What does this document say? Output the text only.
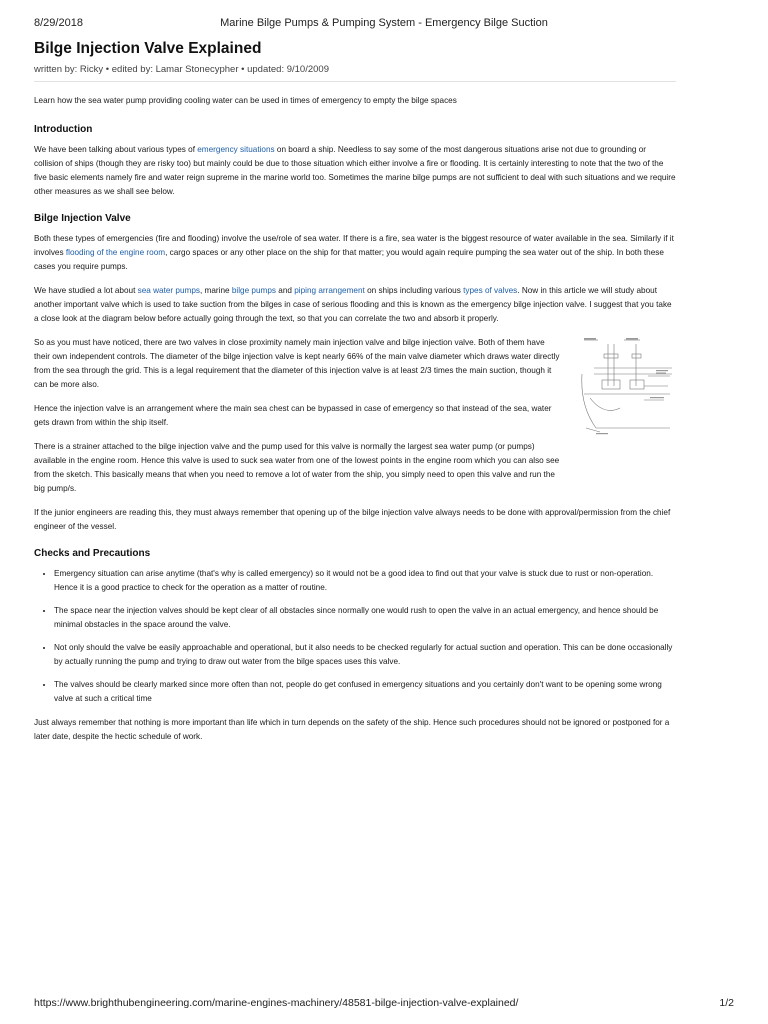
8/29/2018	Marine Bilge Pumps & Pumping System - Emergency Bilge Suction
Bilge Injection Valve Explained
written by: Ricky • edited by: Lamar Stonecypher • updated: 9/10/2009

Learn how the sea water pump providing cooling water can be used in times of emergency to empty the bilge spaces

Introduction

We have been talking about various types of emergency situations on board a ship. Needless to say some of the most dangerous situations arise not due to grounding or collision of ships (though they are risky too) but mainly could be due to those situation which either involve a fire or flooding. It is certainly interesting to note that the two of the five basic elements namely fire and water reign supreme in the marine world too. Sometimes the marine bilge pumps are not sufficient to deal with such situations and we require other measures as we shall see below.

Bilge Injection Valve

Both these types of emergencies (fire and flooding) involve the use/role of sea water. If there is a fire, sea water is the biggest resource of water available in the sea. Similarly if it involves flooding of the engine room, cargo spaces or any other place on the ship for that matter; you would again require pumping the sea water out of the ship. In both these cases you require pumps.

We have studied a lot about sea water pumps, marine bilge pumps and piping arrangement on ships including various types of valves. Now in this article we will study about another important valve which is used to take suction from the bilges in case of serious flooding and this is known as the emergency bilge injection valve. I suggest that you take a close look at the diagram below before actually going through the text, so that you can correlate the two and absorb it properly.

So as you must have noticed, there are two valves in close proximity namely main injection valve and bilge injection valve. Both of them have their own independent controls. The diameter of the bilge injection valve is kept nearly 66% of the main valve diameter which draws water directly from the sea through the grid. This is a legal requirement that the diameter of this injection valve is at least 2/3 times the main suction, though it can be more also.

Hence the injection valve is an arrangement where the main sea chest can be bypassed in case of emergency so that instead of the sea, water gets drawn from within the ship itself.

There is a strainer attached to the bilge injection valve and the pump used for this valve is normally the largest sea water pump (or pumps) available in the engine room. Hence this valve is used to suck sea water from one of the lowest points in the engine room which you can also see from the sketch. This basically means that when you need to remove a lot of water from the ship, you simply need to open this valve and run the big pump/s.

If the junior engineers are reading this, they must always remember that opening up of the bilge injection valve always needs to be done with approval/permission from the chief engineer of the vessel.

Checks and Precautions
• Emergency situation can arise anytime (that's why is called emergency) so it would not be a good idea to find out that your valve is stuck due to rust or non-operation. Hence it is a good practice to check for the operation as a matter of routine.
• The space near the injection valves should be kept clear of all obstacles since normally one would rush to open the valve in an actual emergency, and hence should be minimal obstacles in the space around the valve.
• Not only should the valve be easily approachable and operational, but it also needs to be checked regularly for actual suction and operation. This can be done occasionally by actually running the pump and trying to draw out water from the bilge spaces uses this valve.
• The valves should be clearly marked since more often than not, people do get confused in emergency situations and you certainly don't want to be opening some wrong valve at such a critical time

Just always remember that nothing is more important than life which in turn depends on the safety of the ship. Hence such procedures should not be ignored or postponed for a later date, despite the hectic schedule of work.

https://www.brighthubengineering.com/marine-engines-machinery/48581-bilge-injection-valve-explained/	1/2
